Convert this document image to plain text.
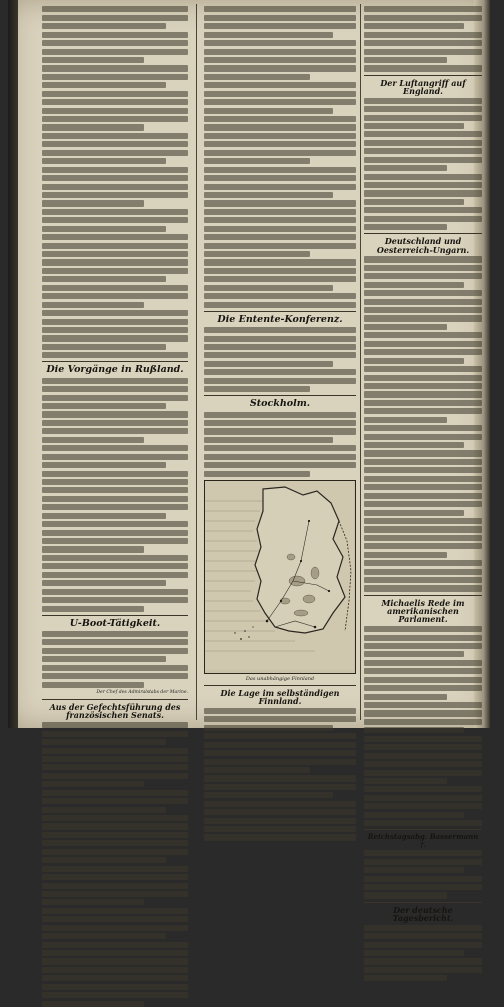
Die Vorgänge in Rußland.
U-Boot-Tätigkeit.
Der Chef des Admiralstabs der Marine.
Aus der Gefechtsführung des französischen Senats.
Die Entente-Konferenz.
Stockholm.
Das unabhängige Finnland
Die Lage im selbständigen Finnland.
Der Luftangriff auf England.
Deutschland und Oesterreich-Ungarn.
Michaelis Rede im amerikanischen Parlament.
Reichstagsabg. Bassermann †.
Der deutsche Tagesbericht.
